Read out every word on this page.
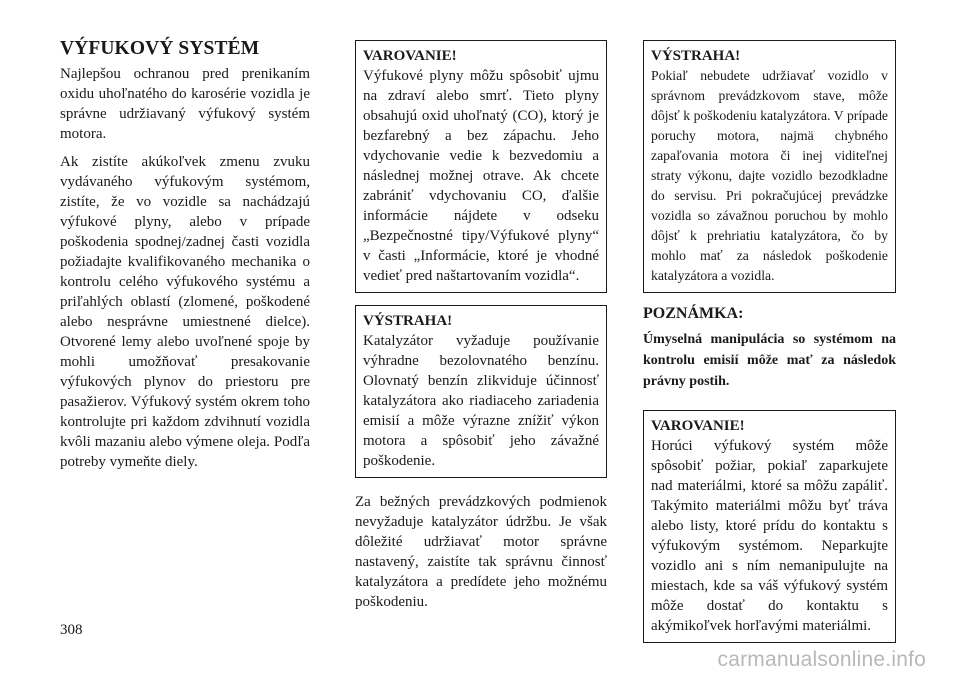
VÝFUKOVÝ SYSTÉM

Najlepšou ochranou pred prenikaním oxidu uhoľnatého do karosérie vozidla je správne udržiavaný výfukový systém motora.

Ak zistíte akúkoľvek zmenu zvuku vydávaného výfukovým systémom, zistíte, že vo vozidle sa nachádzajú výfukové plyny, alebo v prípade poškodenia spodnej/zadnej časti vozidla požiadajte kvalifikovaného mechanika o kontrolu celého výfukového systému a priľahlých oblastí (zlomené, poškodené alebo nesprávne umiestnené dielce). Otvorené lemy alebo uvoľnené spoje by mohli umožňovať presakovanie výfukových plynov do priestoru pre pasažierov. Výfukový systém okrem toho kontrolujte pri každom zdvihnutí vozidla kvôli mazaniu alebo výmene oleja. Podľa potreby vymeňte diely.

VAROVANIE!
Výfukové plyny môžu spôsobiť ujmu na zdraví alebo smrť. Tieto plyny obsahujú oxid uhoľnatý (CO), ktorý je bezfarebný a bez zápachu. Jeho vdychovanie vedie k bezvedomiu a následnej možnej otrave. Ak chcete zabrániť vdychovaniu CO, ďalšie informácie nájdete v odseku „Bezpečnostné tipy/Výfukové plyny“ v časti „Informácie, ktoré je vhodné vedieť pred naštartovaním vozidla“.
VÝSTRAHA!
Katalyzátor vyžaduje používanie výhradne bezolovnatého benzínu. Olovnatý benzín zlikviduje účinnosť katalyzátora ako riadiaceho zariadenia emisií a môže výrazne znížiť výkon motora a spôsobiť jeho závažné poškodenie.

Za bežných prevádzkových podmienok nevyžaduje katalyzátor údržbu. Je však dôležité udržiavať motor správne nastavený, zaistíte tak správnu činnosť katalyzátora a predídete jeho možnému poškodeniu.

VÝSTRAHA!
Pokiaľ nebudete udržiavať vozidlo v správnom prevádzkovom stave, môže dôjsť k poškodeniu katalyzátora. V prípade poruchy motora, najmä chybného zapaľovania motora či inej viditeľnej straty výkonu, dajte vozidlo bezodkladne do servisu. Pri pokračujúcej prevádzke vozidla so závažnou poruchou by mohlo dôjsť k prehriatiu katalyzátora, čo by mohlo mať za následok poškodenie katalyzátora a vozidla.
POZNÁMKA:
Úmyselná manipulácia so systémom na kontrolu emisií môže mať za následok právny postih.
VAROVANIE!
Horúci výfukový systém môže spôsobiť požiar, pokiaľ zaparkujete nad materiálmi, ktoré sa môžu zapáliť. Takýmito materiálmi môžu byť tráva alebo listy, ktoré prídu do kontaktu s výfukovým systémom. Neparkujte vozidlo ani s ním nemanipulujte na miestach, kde sa váš výfukový systém môže dostať do kontaktu s akýmikoľvek horľavými materiálmi.
308
carmanualsonline.info
